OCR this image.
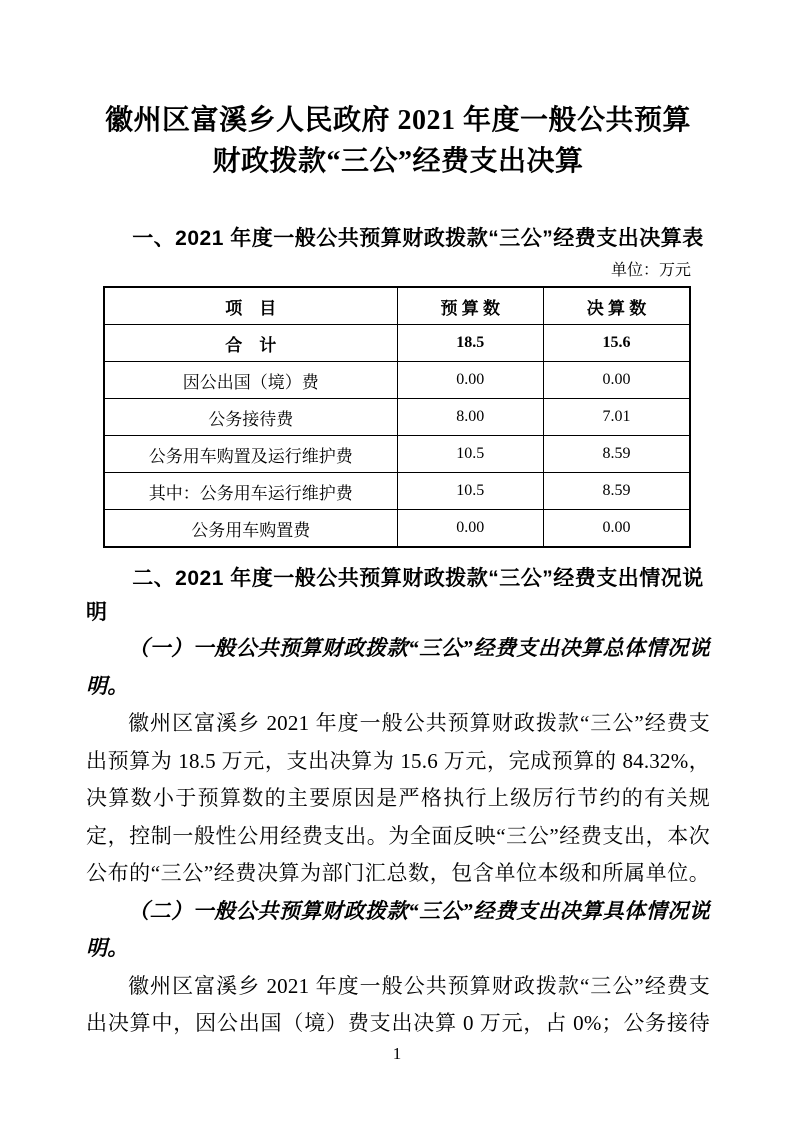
徽州区富溪乡人民政府 2021 年度一般公共预算
财政拨款“三公”经费支出决算
一、2021 年度一般公共预算财政拨款“三公”经费支出决算表
单位：万元
项　目	预 算 数	决 算 数
合　计	18.5	15.6
因公出国（境）费	0.00	0.00
公务接待费	8.00	7.01
公务用车购置及运行维护费	10.5	8.59
其中：公务用车运行维护费	10.5	8.59
公务用车购置费	0.00	0.00
二、2021 年度一般公共预算财政拨款“三公”经费支出情况说明
（一）一般公共预算财政拨款“三公”经费支出决算总体情况说
明。
徽州区富溪乡 2021 年度一般公共预算财政拨款“三公”经费支
出预算为 18.5 万元，支出决算为 15.6 万元，完成预算的 84.32%，
决算数小于预算数的主要原因是严格执行上级厉行节约的有关规
定，控制一般性公用经费支出。为全面反映“三公”经费支出，本次
公布的“三公”经费决算为部门汇总数，包含单位本级和所属单位。
（二）一般公共预算财政拨款“三公”经费支出决算具体情况说
明。
徽州区富溪乡 2021 年度一般公共预算财政拨款“三公”经费支
出决算中，因公出国（境）费支出决算 0 万元，占 0%；公务接待
1
